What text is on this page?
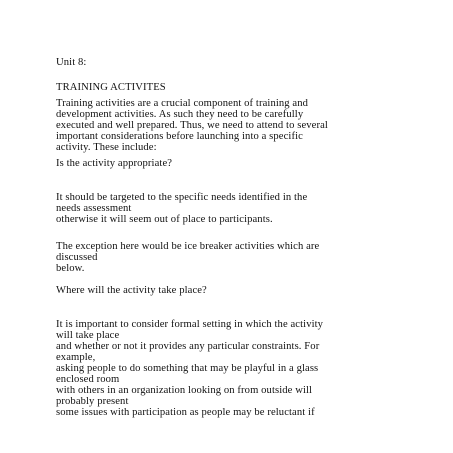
Unit 8:

TRAINING ACTIVITES

Training activities are a crucial component of training and

development activities. As such they need to be carefully

executed and well prepared. Thus, we need to attend to several

important considerations before launching into a specific

activity. These include:

Is the activity appropriate?

It should be targeted to the specific needs identified in the

needs assessment

otherwise it will seem out of place to participants.

The exception here would be ice breaker activities which are

discussed

below.

Where will the activity take place?

It is important to consider formal setting in which the activity

will take place

and whether or not it provides any particular constraints. For

example,

asking people to do something that may be playful in a glass

enclosed room

with others in an organization looking on from outside will

probably present

some issues with participation as people may be reluctant if
